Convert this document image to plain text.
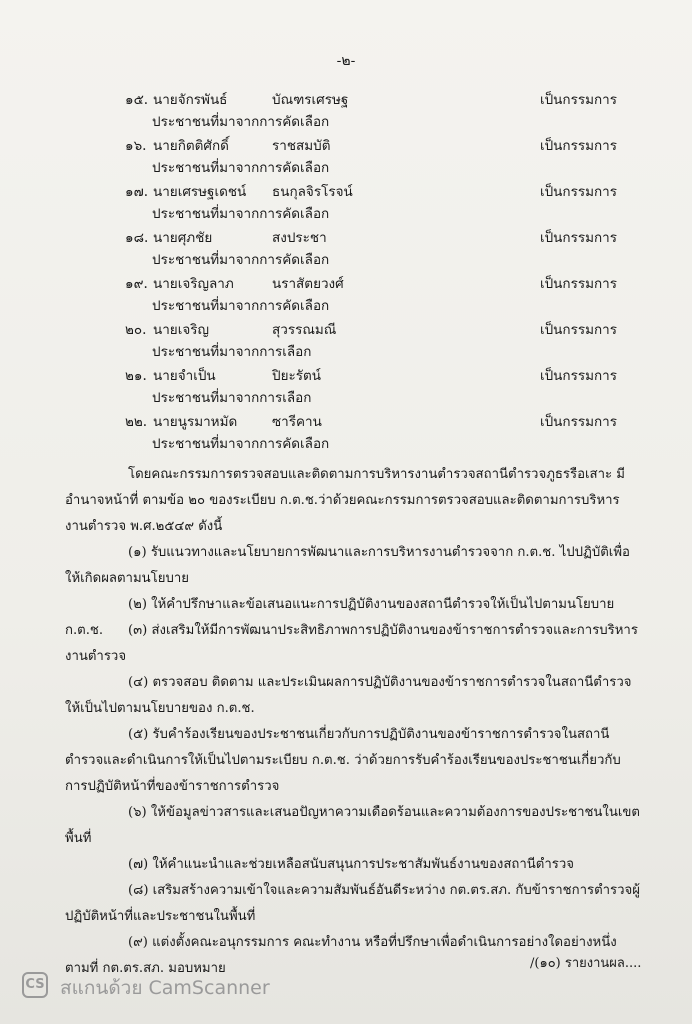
-๒-
๑๕. นายจักรพันธ์	บัณฑรเศรษฐ	เป็นกรรมการ
ประชาชนที่มาจากการคัดเลือก
๑๖. นายกิตติศักดิ์	ราชสมบัติ	เป็นกรรมการ
ประชาชนที่มาจากการคัดเลือก
๑๗. นายเศรษฐเดชน์ ธนกุลจิรโรจน์	เป็นกรรมการ
ประชาชนที่มาจากการคัดเลือก
๑๘. นายศุภชัย	สงประชา	เป็นกรรมการ
ประชาชนที่มาจากการคัดเลือก
๑๙. นายเจริญลาภ	นราสัตยวงศ์	เป็นกรรมการ
ประชาชนที่มาจากการคัดเลือก
๒๐. นายเจริญ	สุวรรณมณี	เป็นกรรมการ
ประชาชนที่มาจากการเลือก
๒๑. นายจำเป็น	ปิยะรัตน์	เป็นกรรมการ
ประชาชนที่มาจากการเลือก
๒๒. นายนูรมาหมัด	ซารีคาน	เป็นกรรมการ
ประชาชนที่มาจากการคัดเลือก
โดยคณะกรรมการตรวจสอบและติดตามการบริหารงานตำรวจสถานีตำรวจภูธรรือเสาะ มีอำนาจหน้าที่ ตามข้อ ๒๐ ของระเบียบ ก.ต.ช.ว่าด้วยคณะกรรมการตรวจสอบและติดตามการบริหารงานตำรวจ พ.ศ.๒๕๔๙ ดังนี้
(๑) รับแนวทางและนโยบายการพัฒนาและการบริหารงานตำรวจจาก ก.ต.ช. ไปปฏิบัติเพื่อให้เกิดผลตามนโยบาย
(๒) ให้คำปรึกษาและข้อเสนอแนะการปฏิบัติงานของสถานีตำรวจให้เป็นไปตามนโยบาย ก.ต.ช.	(๓) ส่งเสริมให้มีการพัฒนาประสิทธิภาพการปฏิบัติงานของข้าราชการตำรวจและการบริหารงานตำรวจ
(๔) ตรวจสอบ ติดตาม และประเมินผลการปฏิบัติงานของข้าราชการตำรวจในสถานีตำรวจให้เป็นไปตามนโยบายของ ก.ต.ช.
(๕) รับคำร้องเรียนของประชาชนเกี่ยวกับการปฏิบัติงานของข้าราชการตำรวจในสถานีตำรวจและดำเนินการให้เป็นไปตามระเบียบ ก.ต.ช. ว่าด้วยการรับคำร้องเรียนของประชาชนเกี่ยวกับการปฏิบัติหน้าที่ของข้าราชการตำรวจ
(๖) ให้ข้อมูลข่าวสารและเสนอปัญหาความเดือดร้อนและความต้องการของประชาชนในเขตพื้นที่
(๗) ให้คำแนะนำและช่วยเหลือสนับสนุนการประชาสัมพันธ์งานของสถานีตำรวจ
(๘) เสริมสร้างความเข้าใจและความสัมพันธ์อันดีระหว่าง กต.ตร.สภ. กับข้าราชการตำรวจผู้ปฏิบัติหน้าที่และประชาชนในพื้นที่
(๙) แต่งตั้งคณะอนุกรรมการ คณะทำงาน หรือที่ปรึกษาเพื่อดำเนินการอย่างใดอย่างหนึ่งตามที่ กต.ตร.สภ. มอบหมาย	/(๑๐) รายงานผล....
CS สแกนด้วย CamScanner
